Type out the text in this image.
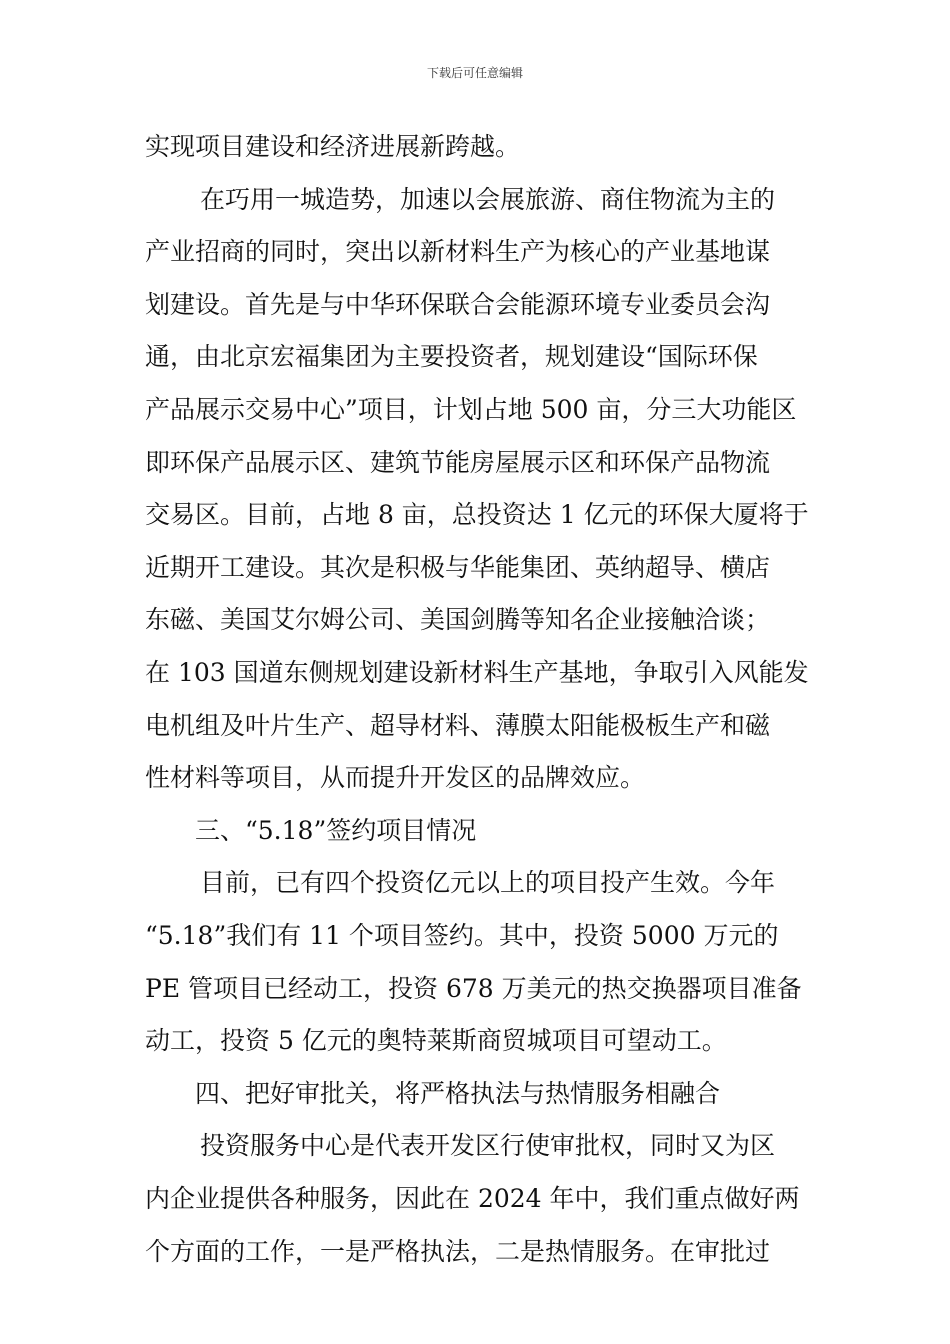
下载后可任意编辑
实现项目建设和经济进展新跨越。
在巧用一城造势，加速以会展旅游、商住物流为主的
产业招商的同时，突出以新材料生产为核心的产业基地谋
划建设。首先是与中华环保联合会能源环境专业委员会沟
通，由北京宏福集团为主要投资者，规划建设“国际环保
产品展示交易中心”项目，计划占地 500 亩，分三大功能区
即环保产品展示区、建筑节能房屋展示区和环保产品物流
交易区。目前，占地 8 亩，总投资达 1 亿元的环保大厦将于
近期开工建设。其次是积极与华能集团、英纳超导、横店
东磁、美国艾尔姆公司、美国剑腾等知名企业接触洽谈；
在 103 国道东侧规划建设新材料生产基地，争取引入风能发
电机组及叶片生产、超导材料、薄膜太阳能极板生产和磁
性材料等项目，从而提升开发区的品牌效应。
三、“5.18”签约项目情况
目前，已有四个投资亿元以上的项目投产生效。今年
“5.18”我们有 11 个项目签约。其中，投资 5000 万元的
PE 管项目已经动工，投资 678 万美元的热交换器项目准备
动工，投资 5 亿元的奥特莱斯商贸城项目可望动工。
四、把好审批关，将严格执法与热情服务相融合
投资服务中心是代表开发区行使审批权，同时又为区
内企业提供各种服务，因此在 2024 年中，我们重点做好两
个方面的工作，一是严格执法，二是热情服务。在审批过
